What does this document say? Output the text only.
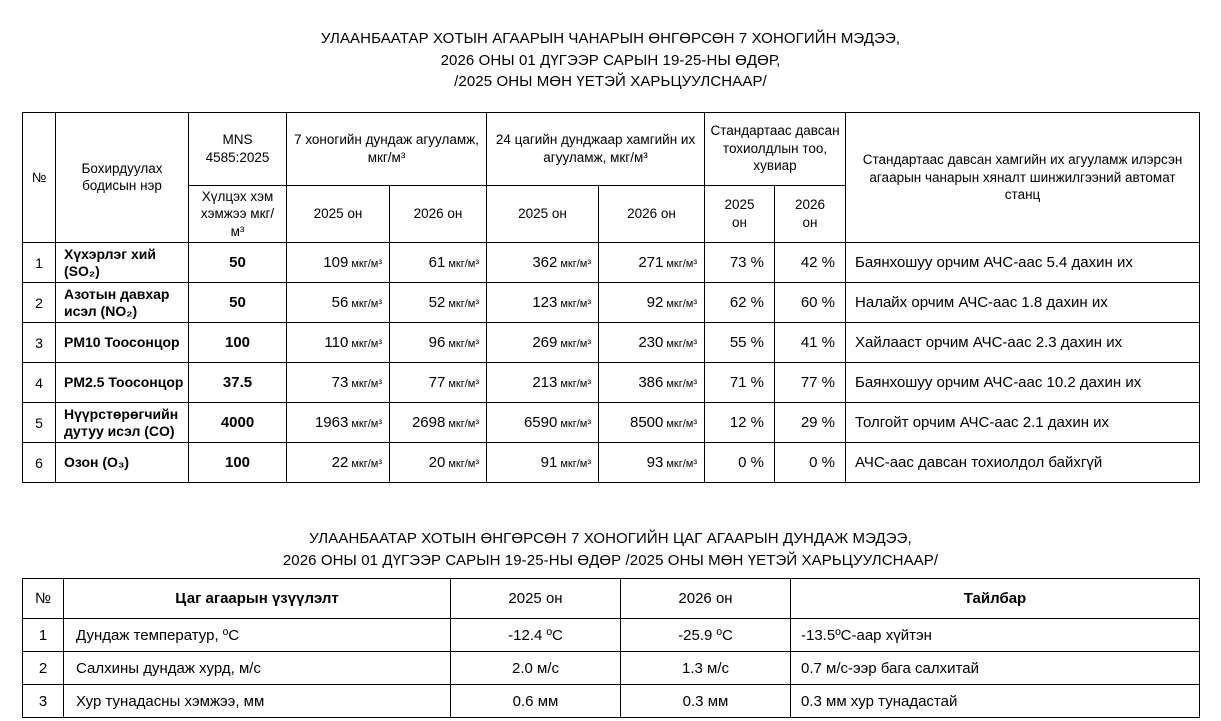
УЛААНБААТАР ХОТЫН АГААРЫН ЧАНАРЫН ӨНГӨРСӨН 7 ХОНОГИЙН МЭДЭЭ,
2026 ОНЫ 01 ДҮГЭЭР САРЫН 19-25-НЫ ӨДӨР,
/2025 ОНЫ МӨН ҮЕТЭЙ ХАРЬЦУУЛСНААР/
№	Бохирдуулах бодисын нэр	MNS 4585:2025	7 хоногийн дундаж агууламж, мкг/м³		24 цагийн дунджаар хамгийн их агууламж, мкг/м³		Стандартаас давсан тохиолдлын тоо, хувиар		Стандартаас давсан хамгийн их агууламж илэрсэн агаарын чанарын хяналт шинжилгээний автомат станц
		Хүлцэх хэм хэмжээ мкг/м³	2025 он	2026 он	2025 он	2026 он	2025 он	2026 он	
1	Хүхэрлэг хий (SO₂)	50	109 мкг/м³	61 мкг/м³	362 мкг/м³	271 мкг/м³	73 %	42 %	Баянхошуу орчим АЧС-аас 5.4 дахин их
2	Азотын давхар исэл (NO₂)	50	56 мкг/м³	52 мкг/м³	123 мкг/м³	92 мкг/м³	62 %	60 %	Налайх орчим АЧС-аас 1.8 дахин их
3	PM10 Тоосонцор	100	110 мкг/м³	96 мкг/м³	269 мкг/м³	230 мкг/м³	55 %	41 %	Хайлааст орчим АЧС-аас 2.3 дахин их
4	PM2.5 Тоосонцор	37.5	73 мкг/м³	77 мкг/м³	213 мкг/м³	386 мкг/м³	71 %	77 %	Баянхошуу орчим АЧС-аас 10.2 дахин их
5	Нүүрстөрөгчийн дутуу исэл (CO)	4000	1963 мкг/м³	2698 мкг/м³	6590 мкг/м³	8500 мкг/м³	12 %	29 %	Толгойт орчим АЧС-аас 2.1 дахин их
6	Озон (O₃)	100	22 мкг/м³	20 мкг/м³	91 мкг/м³	93 мкг/м³	0 %	0 %	АЧС-аас давсан тохиолдол байхгүй
УЛААНБААТАР ХОТЫН ӨНГӨРСӨН 7 ХОНОГИЙН ЦАГ АГААРЫН ДУНДАЖ МЭДЭЭ,
2026 ОНЫ 01 ДҮГЭЭР САРЫН 19-25-НЫ ӨДӨР /2025 ОНЫ МӨН ҮЕТЭЙ ХАРЬЦУУЛСНААР/
№	Цаг агаарын үзүүлэлт	2025 он	2026 он	Тайлбар
1	Дундаж температур, ºС	-12.4 ºС	-25.9 ºС	-13.5ºС-аар хүйтэн
2	Салхины дундаж хурд, м/с	2.0 м/с	1.3 м/с	0.7 м/с-ээр бага салхитай
3	Хур тунадасны хэмжээ, мм	0.6 мм	0.3 мм	0.3 мм хур тунадастай
